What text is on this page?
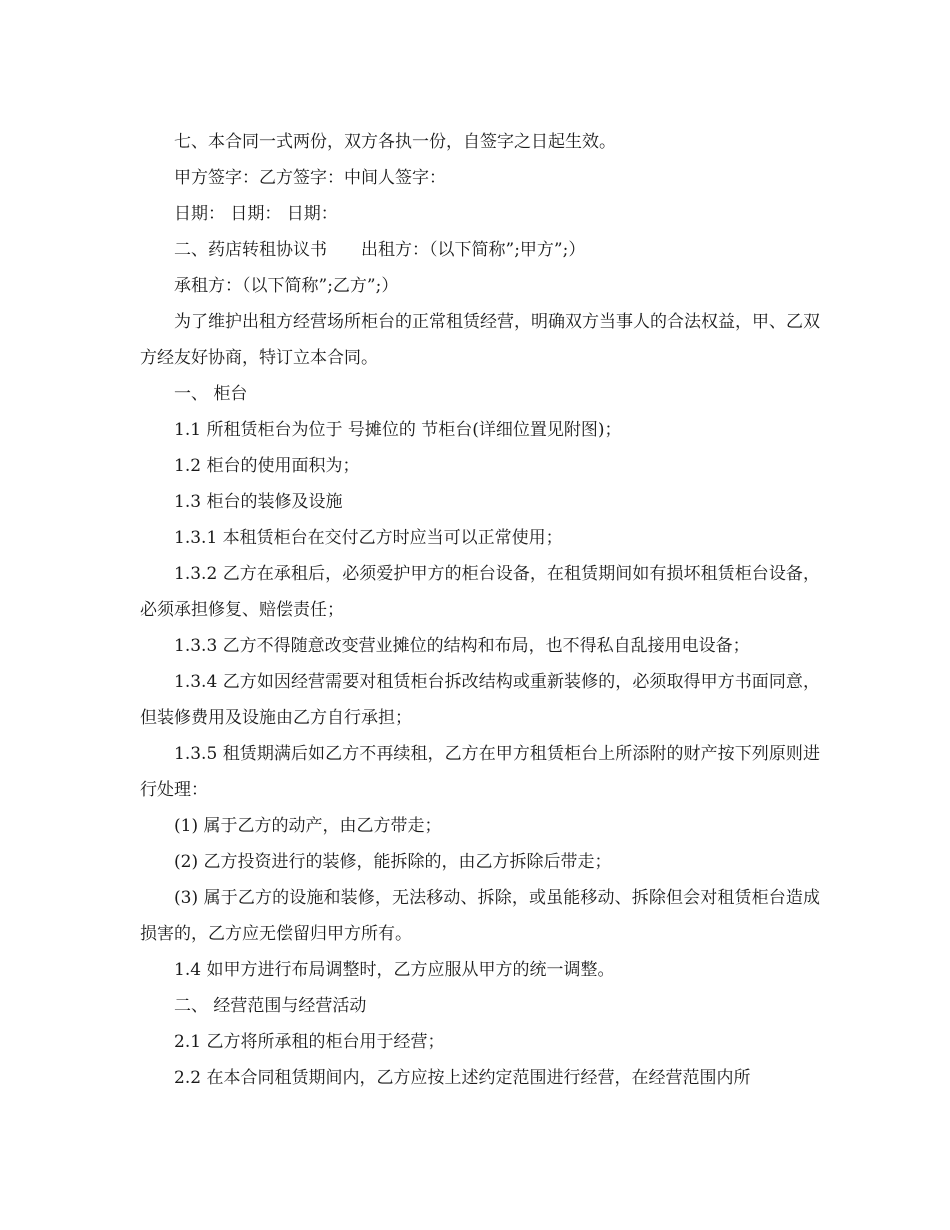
七、本合同一式两份，双方各执一份，自签字之日起生效。

甲方签字：乙方签字：中间人签字：

日期： 日期： 日期：

二、药店转租协议书　　出租方：（以下简称”;甲方”;）

承租方：（以下简称”;乙方”;）

为了维护出租方经营场所柜台的正常租赁经营，明确双方当事人的合法权益，甲、乙双方经友好协商，特订立本合同。

一、 柜台

1.1 所租赁柜台为位于 号摊位的 节柜台(详细位置见附图)；

1.2 柜台的使用面积为；

1.3 柜台的装修及设施

1.3.1 本租赁柜台在交付乙方时应当可以正常使用；

1.3.2 乙方在承租后，必须爱护甲方的柜台设备，在租赁期间如有损坏租赁柜台设备，必须承担修复、赔偿责任；

1.3.3 乙方不得随意改变营业摊位的结构和布局，也不得私自乱接用电设备；

1.3.4 乙方如因经营需要对租赁柜台拆改结构或重新装修的，必须取得甲方书面同意，但装修费用及设施由乙方自行承担；

1.3.5 租赁期满后如乙方不再续租，乙方在甲方租赁柜台上所添附的财产按下列原则进行处理：

(1) 属于乙方的动产，由乙方带走；

(2) 乙方投资进行的装修，能拆除的，由乙方拆除后带走；

(3) 属于乙方的设施和装修，无法移动、拆除，或虽能移动、拆除但会对租赁柜台造成损害的，乙方应无偿留归甲方所有。

1.4 如甲方进行布局调整时，乙方应服从甲方的统一调整。

二、 经营范围与经营活动

2.1 乙方将所承租的柜台用于经营；

2.2 在本合同租赁期间内，乙方应按上述约定范围进行经营，在经营范围内所
